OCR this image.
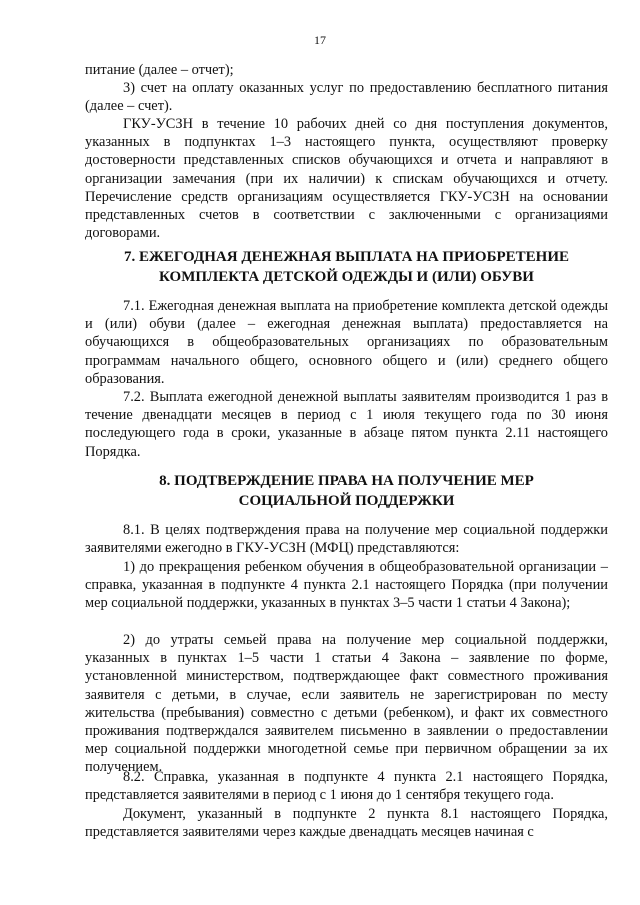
17

питание (далее – отчет);

3) счет на оплату оказанных услуг по предоставлению бесплатного питания (далее – счет).

ГКУ-УСЗН в течение 10 рабочих дней со дня поступления документов, указанных в подпунктах 1–3 настоящего пункта, осуществляют проверку достоверности представленных списков обучающихся и отчета и направляют в организации замечания (при их наличии) к спискам обучающихся и отчету. Перечисление средств организациям осуществляется ГКУ-УСЗН на основании представленных счетов в соответствии с заключенными с организациями договорами.

7. ЕЖЕГОДНАЯ ДЕНЕЖНАЯ ВЫПЛАТА НА ПРИОБРЕТЕНИЕ
КОМПЛЕКТА ДЕТСКОЙ ОДЕЖДЫ И (ИЛИ) ОБУВИ

7.1. Ежегодная денежная выплата на приобретение комплекта детской одежды и (или) обуви (далее – ежегодная денежная выплата) предоставляется на обучающихся в общеобразовательных организациях по образовательным программам начального общего, основного общего и (или) среднего общего образования.

7.2. Выплата ежегодной денежной выплаты заявителям производится 1 раз в течение двенадцати месяцев в период с 1 июля текущего года по 30 июня последующего года в сроки, указанные в абзаце пятом пункта 2.11 настоящего Порядка.

8. ПОДТВЕРЖДЕНИЕ ПРАВА НА ПОЛУЧЕНИЕ МЕР
СОЦИАЛЬНОЙ ПОДДЕРЖКИ

8.1. В целях подтверждения права на получение мер социальной поддержки заявителями ежегодно в ГКУ-УСЗН (МФЦ) представляются:

1) до прекращения ребенком обучения в общеобразовательной организации – справка, указанная в подпункте 4 пункта 2.1 настоящего Порядка (при получении мер социальной поддержки, указанных в пунктах 3–5 части 1 статьи 4 Закона);

2) до утраты семьей права на получение мер социальной поддержки, указанных в пунктах 1–5 части 1 статьи 4 Закона – заявление по форме, установленной министерством, подтверждающее факт совместного проживания заявителя с детьми, в случае, если заявитель не зарегистрирован по месту жительства (пребывания) совместно с детьми (ребенком), и факт их совместного проживания подтверждался заявителем письменно в заявлении о предоставлении мер социальной поддержки многодетной семье при первичном обращении за их получением.

8.2. Справка, указанная в подпункте 4 пункта 2.1 настоящего Порядка, представляется заявителями в период с 1 июня до 1 сентября текущего года.

Документ, указанный в подпункте 2 пункта 8.1 настоящего Порядка, представляется заявителями через каждые двенадцать месяцев начиная с
